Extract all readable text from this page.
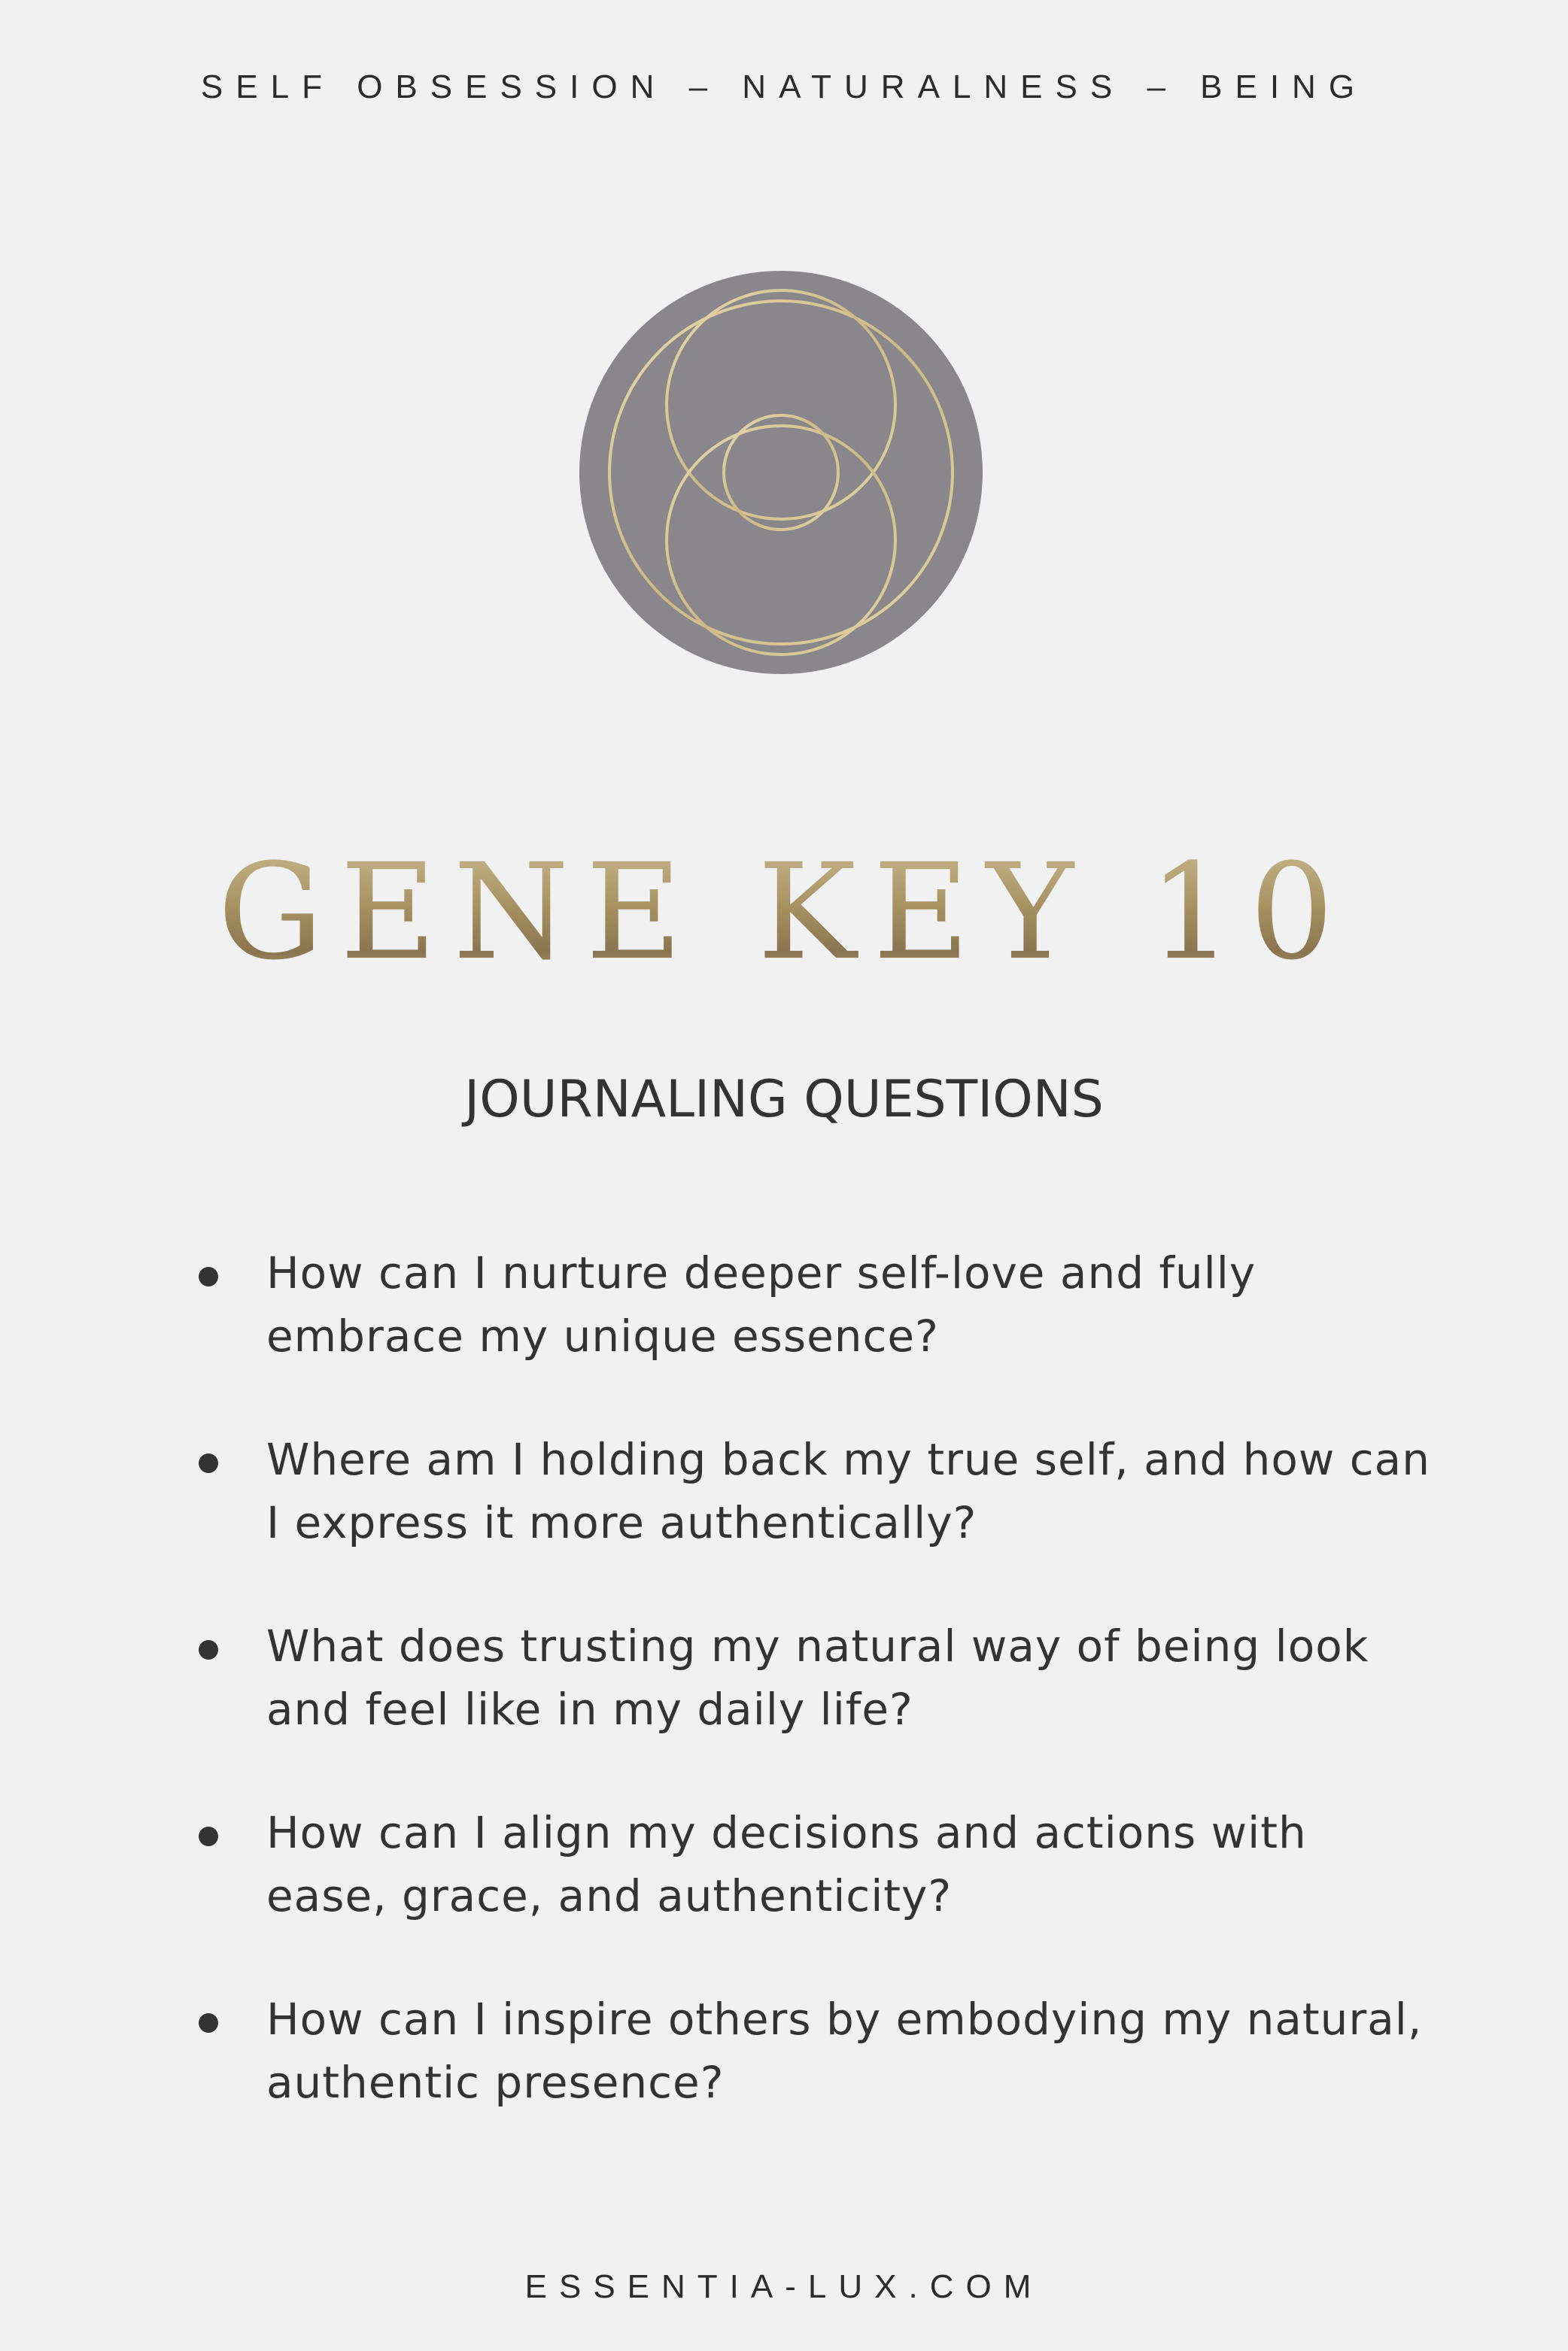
SELF OBSESSION – NATURALNESS – BEING
GENE KEY 10
JOURNALING QUESTIONS
How can I nurture deeper self-love and fully embrace my unique essence?
Where am I holding back my true self, and how can I express it more authentically?
What does trusting my natural way of being look and feel like in my daily life?
How can I align my decisions and actions with ease, grace, and authenticity?
How can I inspire others by embodying my natural, authentic presence?
ESSENTIA-LUX.COM
